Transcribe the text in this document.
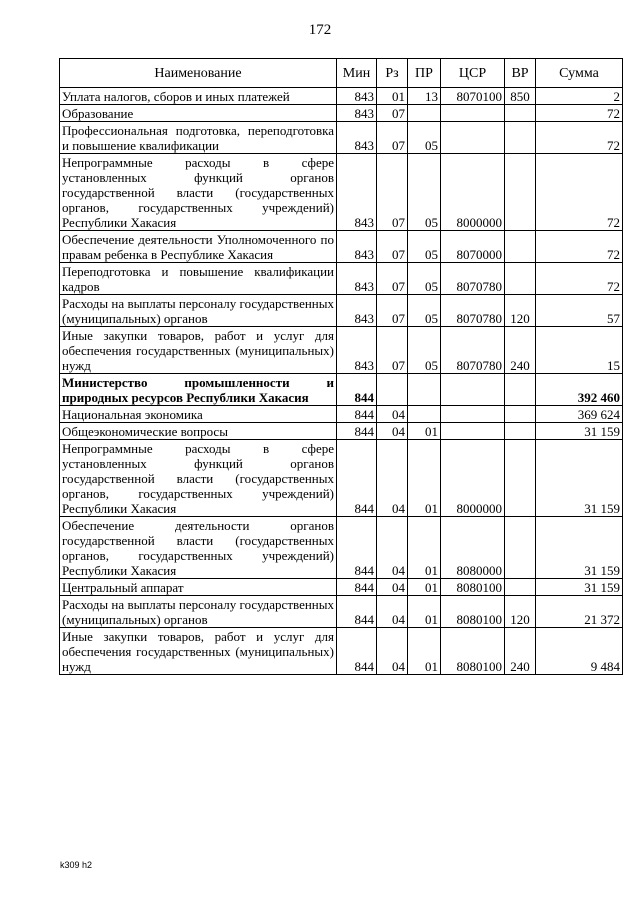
172
Наименование	Мин	Рз	ПР	ЦСР	ВР	Сумма
Уплата налогов, сборов и иных платежей	843	01	13	8070100	850	2
Образование	843	07				72
Профессиональная подготовка, переподготовка и повышение квалификации	843	07	05			72
Непрограммные расходы в сфере установленных функций органов государственной власти (государственных органов, государственных учреждений) Республики Хакасия	843	07	05	8000000		72
Обеспечение деятельности Уполномоченного по правам ребенка в Республике Хакасия	843	07	05	8070000		72
Переподготовка и повышение квалификации кадров	843	07	05	8070780		72
Расходы на выплаты персоналу государственных (муниципальных) органов	843	07	05	8070780	120	57
Иные закупки товаров, работ и услуг для обеспечения государственных (муниципальных) нужд	843	07	05	8070780	240	15
Министерство промышленности и природных ресурсов Республики Хакасия	844					392 460
Национальная экономика	844	04				369 624
Общеэкономические вопросы	844	04	01			31 159
Непрограммные расходы в сфере установленных функций органов государственной власти (государственных органов, государственных учреждений) Республики Хакасия	844	04	01	8000000		31 159
Обеспечение деятельности органов государственной власти (государственных органов, государственных учреждений) Республики Хакасия	844	04	01	8080000		31 159
Центральный аппарат	844	04	01	8080100		31 159
Расходы на выплаты персоналу государственных (муниципальных) органов	844	04	01	8080100	120	21 372
Иные закупки товаров, работ и услуг для обеспечения государственных (муниципальных) нужд	844	04	01	8080100	240	9 484
k309 h2
